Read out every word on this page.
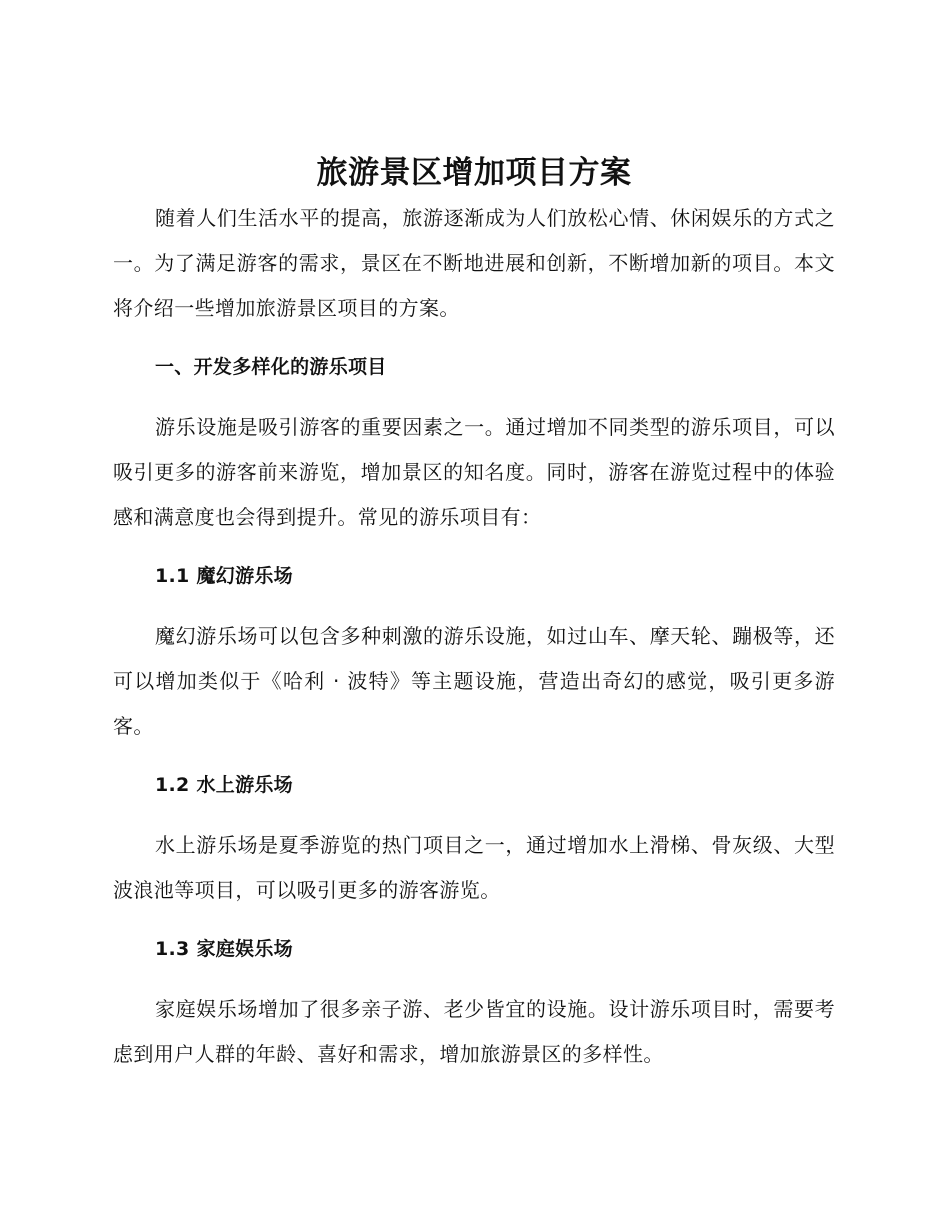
旅游景区增加项目方案

随着人们生活水平的提高，旅游逐渐成为人们放松心情、休闲娱乐的方式之一。为了满足游客的需求，景区在不断地进展和创新，不断增加新的项目。本文将介绍一些增加旅游景区项目的方案。

一、开发多样化的游乐项目

游乐设施是吸引游客的重要因素之一。通过增加不同类型的游乐项目，可以吸引更多的游客前来游览，增加景区的知名度。同时，游客在游览过程中的体验感和满意度也会得到提升。常见的游乐项目有：

1.1 魔幻游乐场

魔幻游乐场可以包含多种刺激的游乐设施，如过山车、摩天轮、蹦极等，还可以增加类似于《哈利 · 波特》等主题设施，营造出奇幻的感觉，吸引更多游客。

1.2 水上游乐场

水上游乐场是夏季游览的热门项目之一，通过增加水上滑梯、骨灰级、大型波浪池等项目，可以吸引更多的游客游览。

1.3 家庭娱乐场

家庭娱乐场增加了很多亲子游、老少皆宜的设施。设计游乐项目时，需要考虑到用户人群的年龄、喜好和需求，增加旅游景区的多样性。
